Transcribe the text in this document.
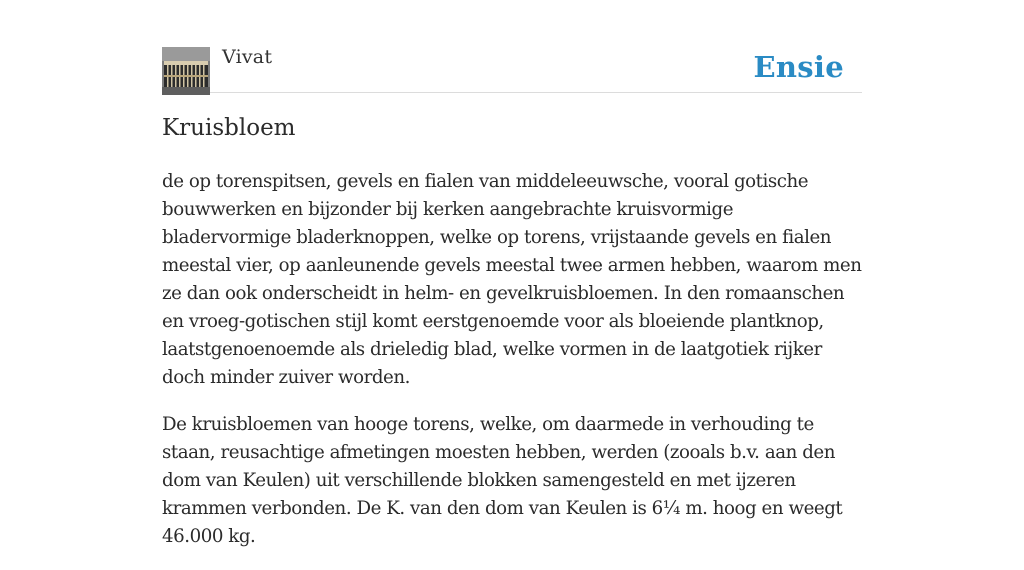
Vivat	Ensie
Kruisbloem

de op torenspitsen, gevels en fialen van middeleeuwsche, vooral gotische bouwwerken en bijzonder bij kerken aangebrachte kruisvormige bladervormige bladerknoppen, welke op torens, vrijstaande gevels en fialen meestal vier, op aanleunende gevels meestal twee armen hebben, waarom men ze dan ook onderscheidt in helm- en gevelkruisbloemen. In den romaanschen en vroeg-gotischen stijl komt eerstgenoemde voor als bloeiende plantknop, laatstgenoenoemde als drieledig blad, welke vormen in de laatgotiek rijker doch minder zuiver worden.

De kruisbloemen van hooge torens, welke, om daarmede in verhouding te staan, reusachtige afmetingen moesten hebben, werden (zooals b.v. aan den dom van Keulen) uit verschillende blokken samengesteld en met ijzeren krammen verbonden. De K. van den dom van Keulen is 6¼ m. hoog en weegt 46.000 kg.
